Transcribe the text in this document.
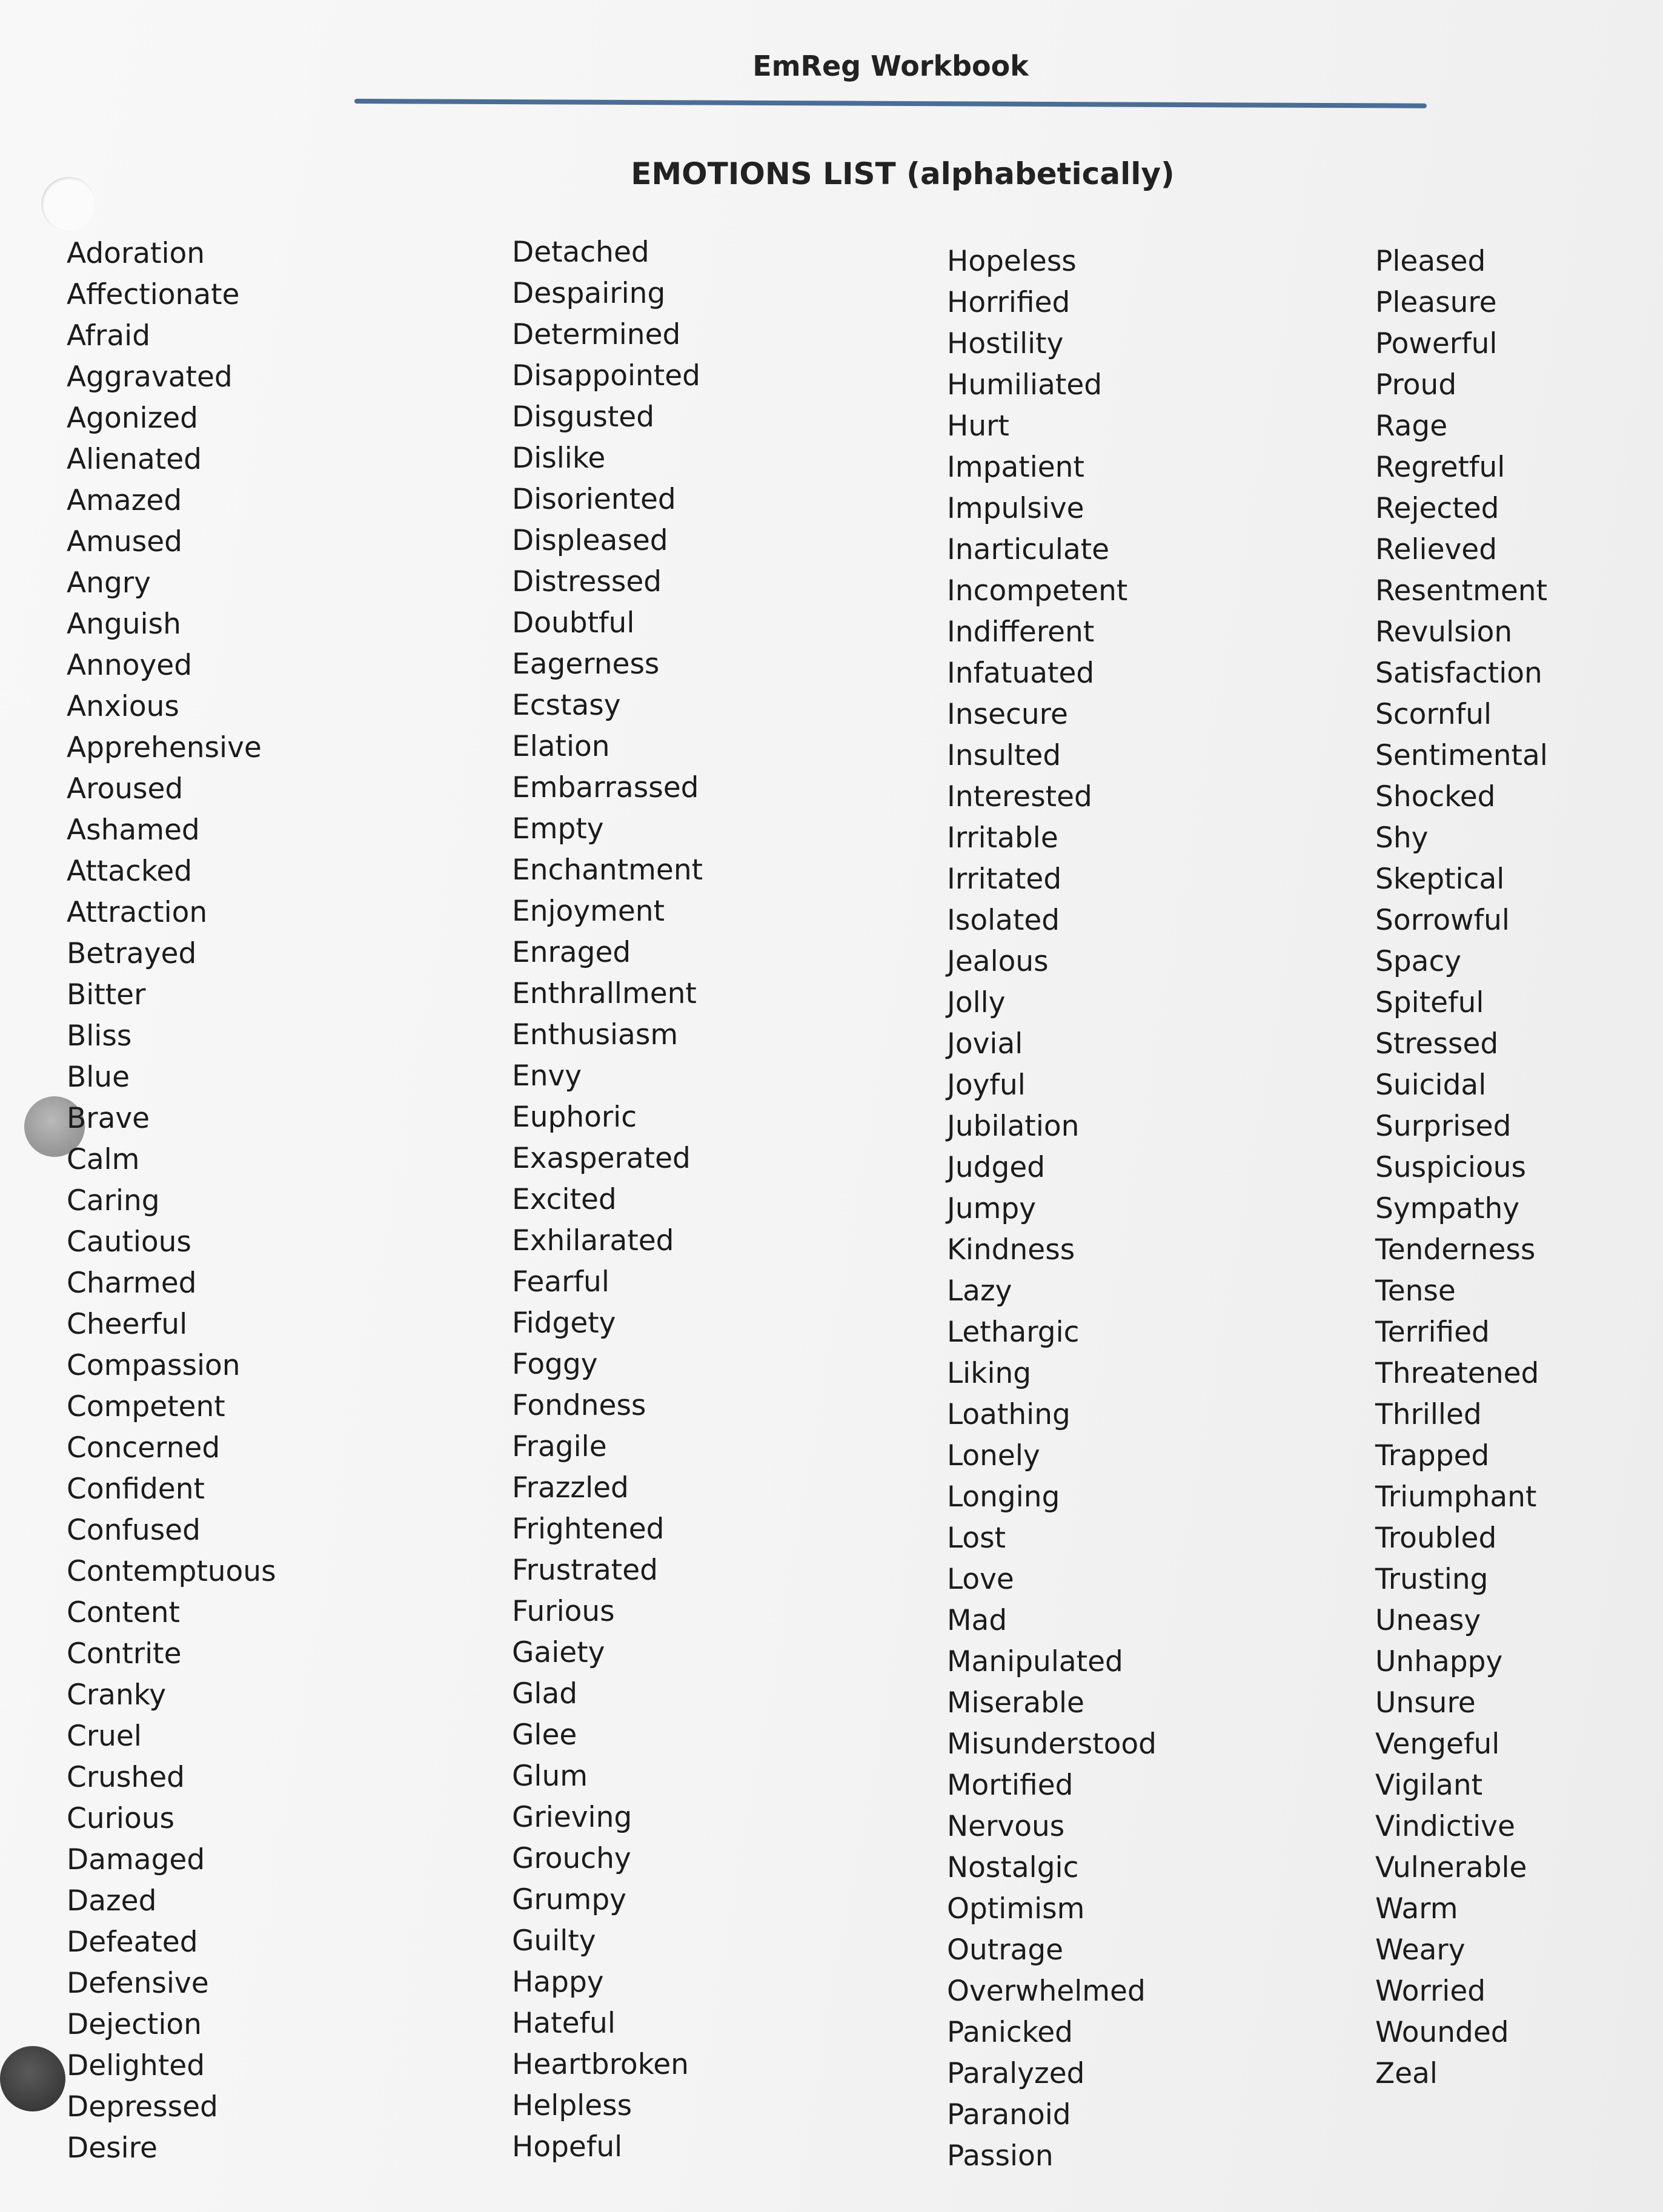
EmReg Workbook
EMOTIONS LIST (alphabetically)
Adoration
Affectionate
Afraid
Aggravated
Agonized
Alienated
Amazed
Amused
Angry
Anguish
Annoyed
Anxious
Apprehensive
Aroused
Ashamed
Attacked
Attraction
Betrayed
Bitter
Bliss
Blue
Brave
Calm
Caring
Cautious
Charmed
Cheerful
Compassion
Competent
Concerned
Confident
Confused
Contemptuous
Content
Contrite
Cranky
Cruel
Crushed
Curious
Damaged
Dazed
Defeated
Defensive
Dejection
Delighted
Depressed
Desire
Detached
Despairing
Determined
Disappointed
Disgusted
Dislike
Disoriented
Displeased
Distressed
Doubtful
Eagerness
Ecstasy
Elation
Embarrassed
Empty
Enchantment
Enjoyment
Enraged
Enthrallment
Enthusiasm
Envy
Euphoric
Exasperated
Excited
Exhilarated
Fearful
Fidgety
Foggy
Fondness
Fragile
Frazzled
Frightened
Frustrated
Furious
Gaiety
Glad
Glee
Glum
Grieving
Grouchy
Grumpy
Guilty
Happy
Hateful
Heartbroken
Helpless
Hopeful
Hopeless
Horrified
Hostility
Humiliated
Hurt
Impatient
Impulsive
Inarticulate
Incompetent
Indifferent
Infatuated
Insecure
Insulted
Interested
Irritable
Irritated
Isolated
Jealous
Jolly
Jovial
Joyful
Jubilation
Judged
Jumpy
Kindness
Lazy
Lethargic
Liking
Loathing
Lonely
Longing
Lost
Love
Mad
Manipulated
Miserable
Misunderstood
Mortified
Nervous
Nostalgic
Optimism
Outrage
Overwhelmed
Panicked
Paralyzed
Paranoid
Passion
Pleased
Pleasure
Powerful
Proud
Rage
Regretful
Rejected
Relieved
Resentment
Revulsion
Satisfaction
Scornful
Sentimental
Shocked
Shy
Skeptical
Sorrowful
Spacy
Spiteful
Stressed
Suicidal
Surprised
Suspicious
Sympathy
Tenderness
Tense
Terrified
Threatened
Thrilled
Trapped
Triumphant
Troubled
Trusting
Uneasy
Unhappy
Unsure
Vengeful
Vigilant
Vindictive
Vulnerable
Warm
Weary
Worried
Wounded
Zeal
